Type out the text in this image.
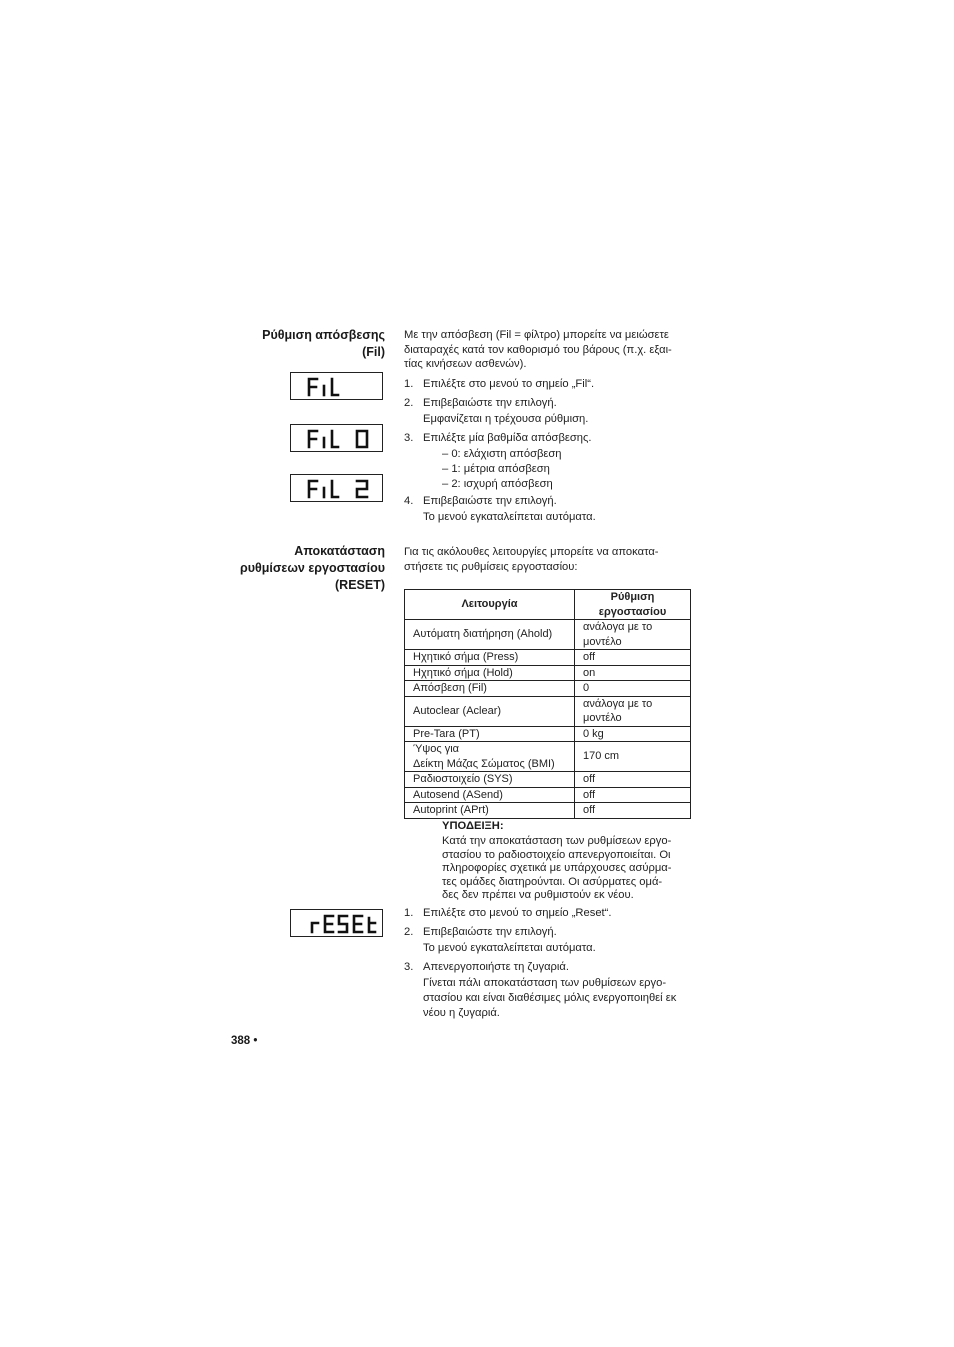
Ρύθμιση απόσβεσης
(Fil)
Με την απόσβεση (Fil = φίλτρο) μπορείτε να μειώσετε
διαταραχές κατά τον καθορισμό του βάρους (π.χ. εξαι-
τίας κινήσεων ασθενών).
1. Επιλέξτε στο μενού το σημείο „Fil“.
2. Επιβεβαιώστε την επιλογή.
Εμφανίζεται η τρέχουσα ρύθμιση.
3. Επιλέξτε μία βαθμίδα απόσβεσης.
– 0: ελάχιστη απόσβεση
– 1: μέτρια απόσβεση
– 2: ισχυρή απόσβεση
4. Επιβεβαιώστε την επιλογή.
Το μενού εγκαταλείπεται αυτόματα.
Αποκατάσταση
ρυθμίσεων εργοστασίου
(RESET)
Για τις ακόλουθες λειτουργίες μπορείτε να αποκατα-
στήσετε τις ρυθμίσεις εργοστασίου:
Λειτουργία	Ρύθμιση
εργοστασίου
Αυτόματη διατήρηση (Ahold)	ανάλογα με το
μοντέλο
Ηχητικό σήμα (Press)	off
Ηχητικό σήμα (Hold)	on
Απόσβεση (Fil)	0
Autoclear (Aclear)	ανάλογα με το
μοντέλο
Pre-Tara (PT)	0 kg
Ύψος για
Δείκτη Μάζας Σώματος (BMI)	170 cm
Ραδιοστοιχείο (SYS)	off
Autosend (ASend)	off
Autoprint (APrt)	off
ΥΠΟΔΕΙΞΗ:
Κατά την αποκατάσταση των ρυθμίσεων εργο-
στασίου το ραδιοστοιχείο απενεργοποιείται. Οι
πληροφορίες σχετικά με υπάρχουσες ασύρμα-
τες ομάδες διατηρούνται. Οι ασύρματες ομά-
δες δεν πρέπει να ρυθμιστούν εκ νέου.
1. Επιλέξτε στο μενού το σημείο „Reset“.
2. Επιβεβαιώστε την επιλογή.
Το μενού εγκαταλείπεται αυτόματα.
3. Απενεργοποιήστε τη ζυγαριά.
Γίνεται πάλι αποκατάσταση των ρυθμίσεων εργο-
στασίου και είναι διαθέσιμες μόλις ενεργοποιηθεί εκ
νέου η ζυγαριά.
388 •
